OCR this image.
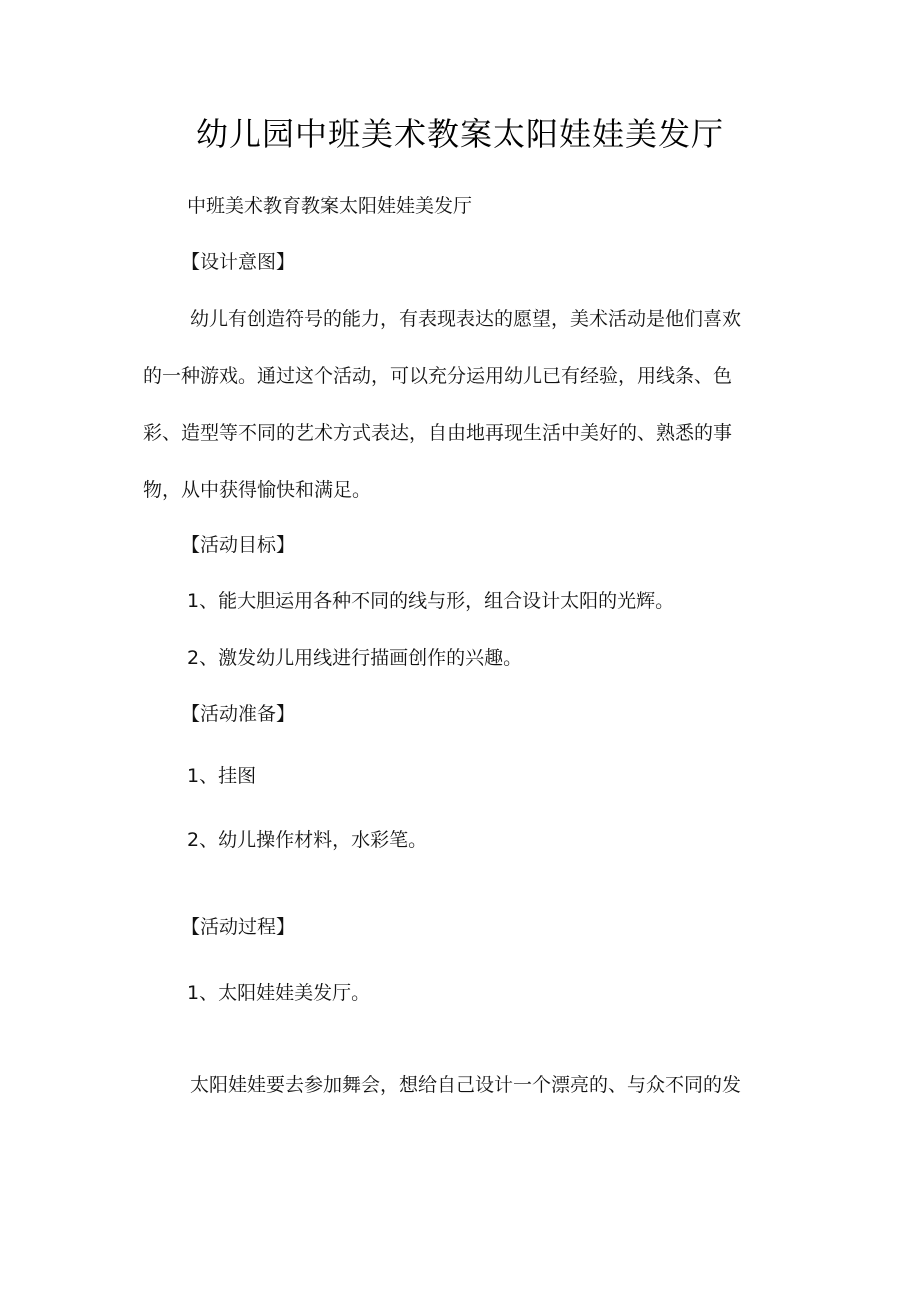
幼儿园中班美术教案太阳娃娃美发厅
中班美术教育教案太阳娃娃美发厅
【设计意图】
幼儿有创造符号的能力，有表现表达的愿望，美术活动是他们喜欢
的一种游戏。通过这个活动，可以充分运用幼儿已有经验，用线条、色
彩、造型等不同的艺术方式表达，自由地再现生活中美好的、熟悉的事
物，从中获得愉快和满足。
【活动目标】
1、能大胆运用各种不同的线与形，组合设计太阳的光辉。
2、激发幼儿用线进行描画创作的兴趣。
【活动准备】
1、挂图
2、幼儿操作材料，水彩笔。
【活动过程】
1、太阳娃娃美发厅。
太阳娃娃要去参加舞会，想给自己设计一个漂亮的、与众不同的发
